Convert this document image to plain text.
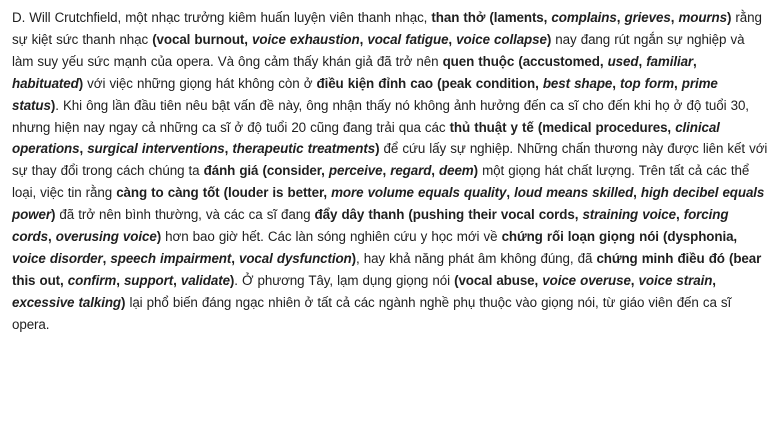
D. Will Crutchfield, một nhạc trưởng kiêm huấn luyện viên thanh nhạc, than thở (laments, complains, grieves, mourns) rằng sự kiệt sức thanh nhạc (vocal burnout, voice exhaustion, vocal fatigue, voice collapse) nay đang rút ngắn sự nghiệp và làm suy yếu sức mạnh của opera. Và ông cảm thấy khán giả đã trở nên quen thuộc (accustomed, used, familiar, habituated) với việc những giọng hát không còn ở điều kiện đỉnh cao (peak condition, best shape, top form, prime status). Khi ông lần đầu tiên nêu bật vấn đề này, ông nhận thấy nó không ảnh hưởng đến ca sĩ cho đến khi họ ở độ tuổi 30, nhưng hiện nay ngay cả những ca sĩ ở độ tuổi 20 cũng đang trải qua các thủ thuật y tế (medical procedures, clinical operations, surgical interventions, therapeutic treatments) để cứu lấy sự nghiệp. Những chấn thương này được liên kết với sự thay đổi trong cách chúng ta đánh giá (consider, perceive, regard, deem) một giọng hát chất lượng. Trên tất cả các thể loại, việc tin rằng càng to càng tốt (louder is better, more volume equals quality, loud means skilled, high decibel equals power) đã trở nên bình thường, và các ca sĩ đang đẩy dây thanh (pushing their vocal cords, straining voice, forcing cords, overusing voice) hơn bao giờ hết. Các làn sóng nghiên cứu y học mới về chứng rối loạn giọng nói (dysphonia, voice disorder, speech impairment, vocal dysfunction), hay khả năng phát âm không đúng, đã chứng minh điều đó (bear this out, confirm, support, validate). Ở phương Tây, lạm dụng giọng nói (vocal abuse, voice overuse, voice strain, excessive talking) lại phổ biến đáng ngạc nhiên ở tất cả các ngành nghề phụ thuộc vào giọng nói, từ giáo viên đến ca sĩ opera.
